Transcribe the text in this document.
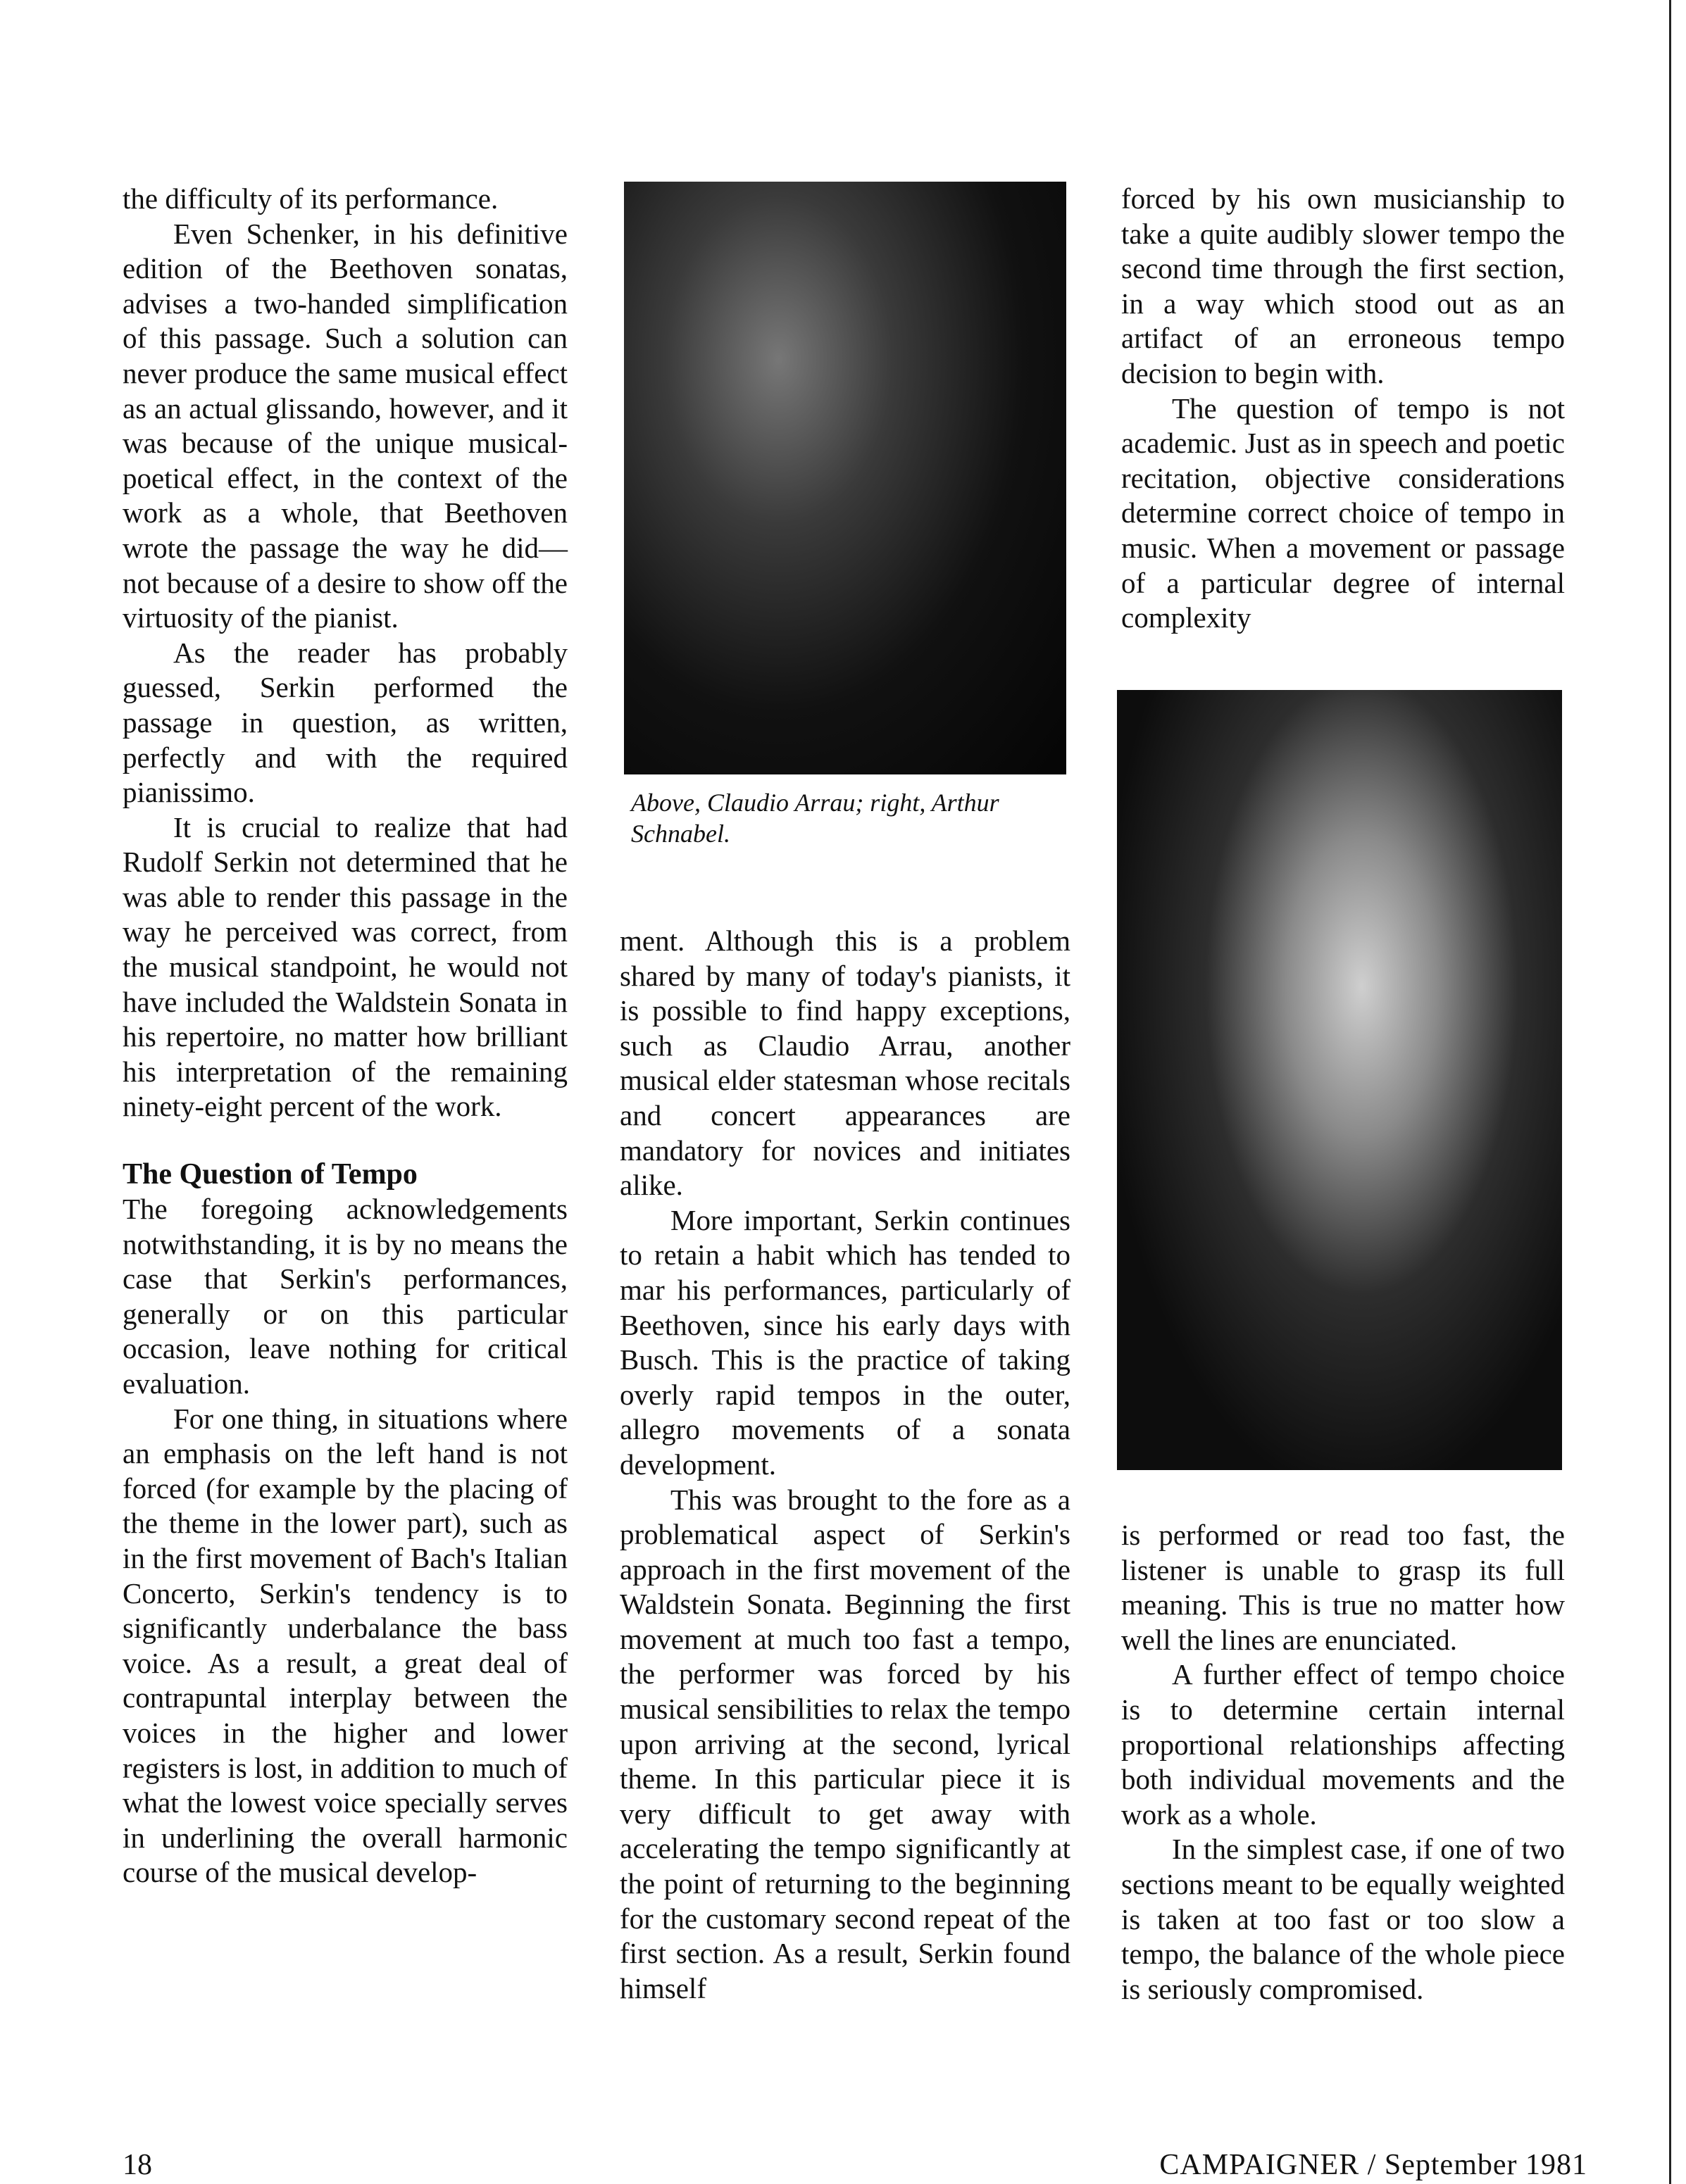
the difficulty of its performance.

Even Schenker, in his definitive edition of the Beethoven sonatas, advises a two-handed simplification of this passage. Such a solution can never produce the same musical effect as an actual glissando, however, and it was because of the unique musical-poetical effect, in the context of the work as a whole, that Beethoven wrote the passage the way he did—not because of a desire to show off the virtuosity of the pianist.

As the reader has probably guessed, Serkin performed the passage in question, as written, perfectly and with the required pianissimo.

It is crucial to realize that had Rudolf Serkin not determined that he was able to render this passage in the way he perceived was correct, from the musical standpoint, he would not have included the Waldstein Sonata in his repertoire, no matter how brilliant his interpretation of the remaining ninety-eight percent of the work.

The Question of Tempo

The foregoing acknowledgements notwithstanding, it is by no means the case that Serkin's performances, generally or on this particular occasion, leave nothing for critical evaluation.

For one thing, in situations where an emphasis on the left hand is not forced (for example by the placing of the theme in the lower part), such as in the first movement of Bach's Italian Concerto, Serkin's tendency is to significantly underbalance the bass voice. As a result, a great deal of contrapuntal interplay between the voices in the higher and lower registers is lost, in addition to much of what the lowest voice specially serves in underlining the overall harmonic course of the musical develop-

Above, Claudio Arrau; right, Arthur Schnabel.

ment. Although this is a problem shared by many of today's pianists, it is possible to find happy exceptions, such as Claudio Arrau, another musical elder statesman whose recitals and concert appearances are mandatory for novices and initiates alike.

More important, Serkin continues to retain a habit which has tended to mar his performances, particularly of Beethoven, since his early days with Busch. This is the practice of taking overly rapid tempos in the outer, allegro movements of a sonata development.

This was brought to the fore as a problematical aspect of Serkin's approach in the first movement of the Waldstein Sonata. Beginning the first movement at much too fast a tempo, the performer was forced by his musical sensibilities to relax the tempo upon arriving at the second, lyrical theme. In this particular piece it is very difficult to get away with accelerating the tempo significantly at the point of returning to the beginning for the customary second repeat of the first section. As a result, Serkin found himself

forced by his own musicianship to take a quite audibly slower tempo the second time through the first section, in a way which stood out as an artifact of an erroneous tempo decision to begin with.

The question of tempo is not academic. Just as in speech and poetic recitation, objective considerations determine correct choice of tempo in music. When a movement or passage of a particular degree of internal complexity

is performed or read too fast, the listener is unable to grasp its full meaning. This is true no matter how well the lines are enunciated.

A further effect of tempo choice is to determine certain internal proportional relationships affecting both individual movements and the work as a whole.

In the simplest case, if one of two sections meant to be equally weighted is taken at too fast or too slow a tempo, the balance of the whole piece is seriously compromised.

18	CAMPAIGNER / September 1981
